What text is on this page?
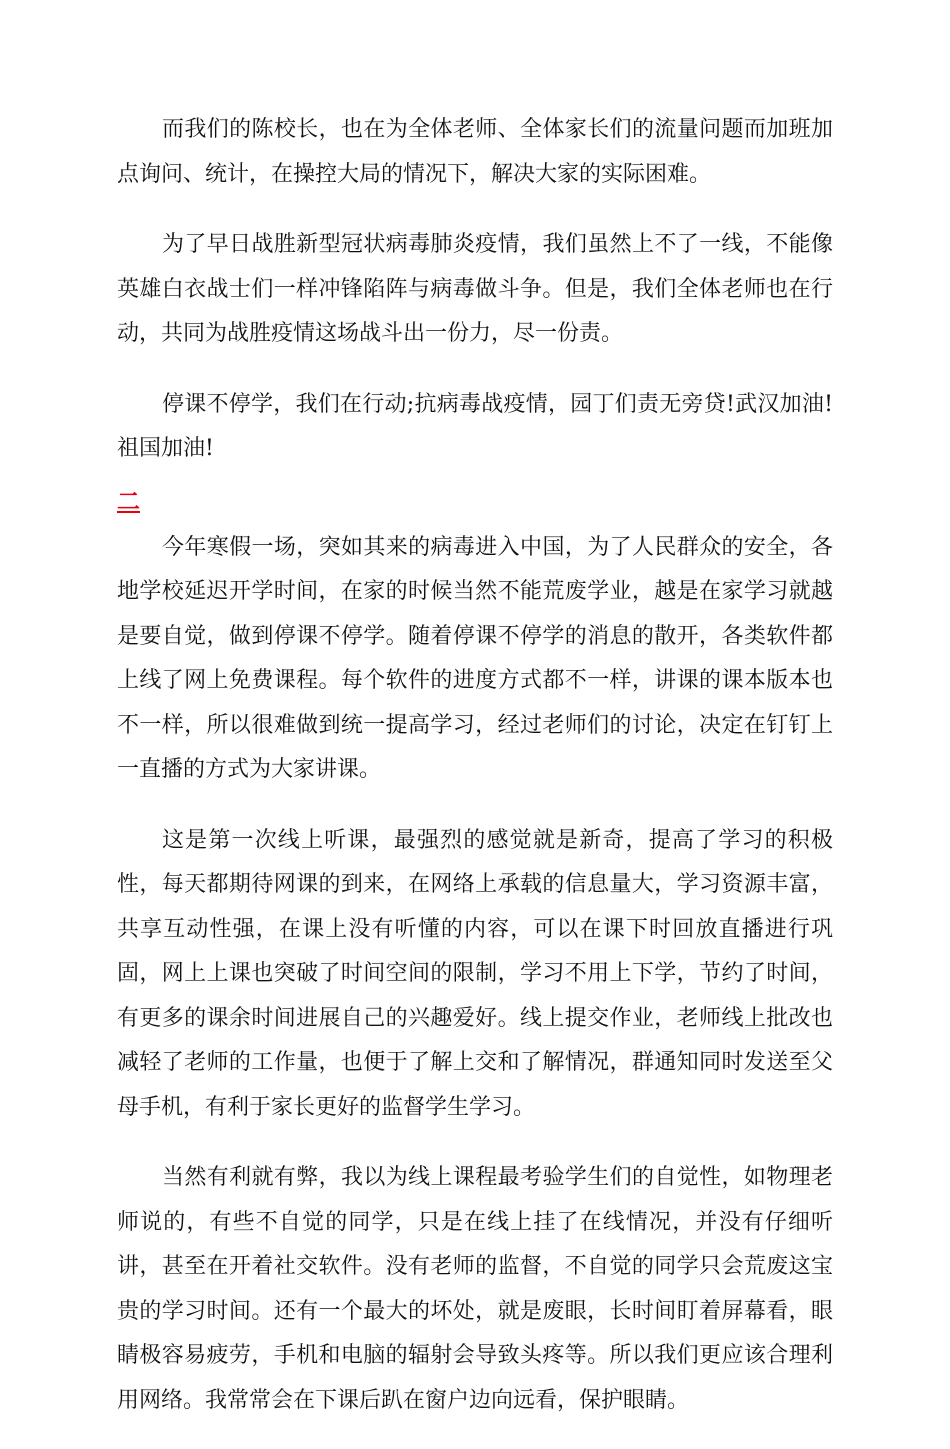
而我们的陈校长，也在为全体老师、全体家长们的流量问题而加班加点询问、统计，在操控大局的情况下，解决大家的实际困难。

为了早日战胜新型冠状病毒肺炎疫情，我们虽然上不了一线，不能像英雄白衣战士们一样冲锋陷阵与病毒做斗争。但是，我们全体老师也在行动，共同为战胜疫情这场战斗出一份力，尽一份责。

停课不停学，我们在行动;抗病毒战疫情，园丁们责无旁贷!武汉加油!祖国加油!

二

今年寒假一场，突如其来的病毒进入中国，为了人民群众的安全，各地学校延迟开学时间，在家的时候当然不能荒废学业，越是在家学习就越是要自觉，做到停课不停学。随着停课不停学的消息的散开，各类软件都上线了网上免费课程。每个软件的进度方式都不一样，讲课的课本版本也不一样，所以很难做到统一提高学习，经过老师们的讨论，决定在钉钉上一直播的方式为大家讲课。

这是第一次线上听课，最强烈的感觉就是新奇，提高了学习的积极性，每天都期待网课的到来，在网络上承载的信息量大，学习资源丰富，共享互动性强，在课上没有听懂的内容，可以在课下时回放直播进行巩固，网上上课也突破了时间空间的限制，学习不用上下学，节约了时间，有更多的课余时间进展自己的兴趣爱好。线上提交作业，老师线上批改也减轻了老师的工作量，也便于了解上交和了解情况，群通知同时发送至父母手机，有利于家长更好的监督学生学习。

当然有利就有弊，我以为线上课程最考验学生们的自觉性，如物理老师说的，有些不自觉的同学，只是在线上挂了在线情况，并没有仔细听讲，甚至在开着社交软件。没有老师的监督，不自觉的同学只会荒废这宝贵的学习时间。还有一个最大的坏处，就是废眼，长时间盯着屏幕看，眼睛极容易疲劳，手机和电脑的辐射会导致头疼等。所以我们更应该合理利用网络。我常常会在下课后趴在窗户边向远看，保护眼睛。
